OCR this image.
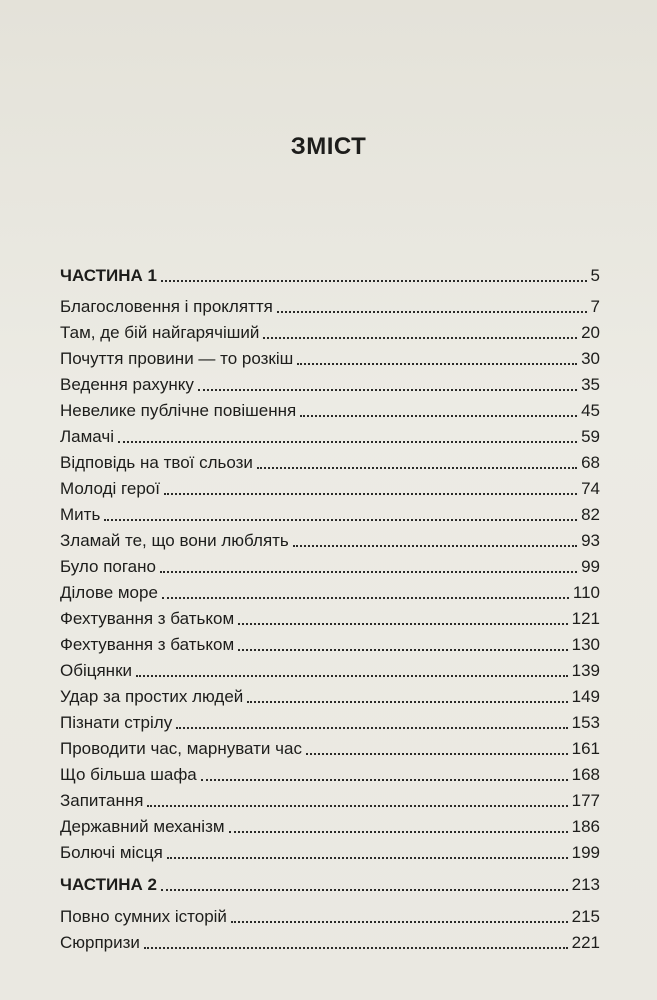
ЗМІСТ
ЧАСТИНА 1	5
Благословення і прокляття	7
Там, де бій найгарячіший	20
Почуття провини — то розкіш	30
Ведення рахунку	35
Невелике публічне повішення	45
Ламачі	59
Відповідь на твої сльози	68
Молоді герої	74
Мить	82
Зламай те, що вони люблять	93
Було погано	99
Ділове море	110
Фехтування з батьком	121
Фехтування з батьком	130
Обіцянки	139
Удар за простих людей	149
Пізнати стрілу	153
Проводити час, марнувати час	161
Що більша шафа	168
Запитання	177
Державний механізм	186
Болючі місця	199
ЧАСТИНА 2	213
Повно сумних історій	215
Сюрпризи	221
